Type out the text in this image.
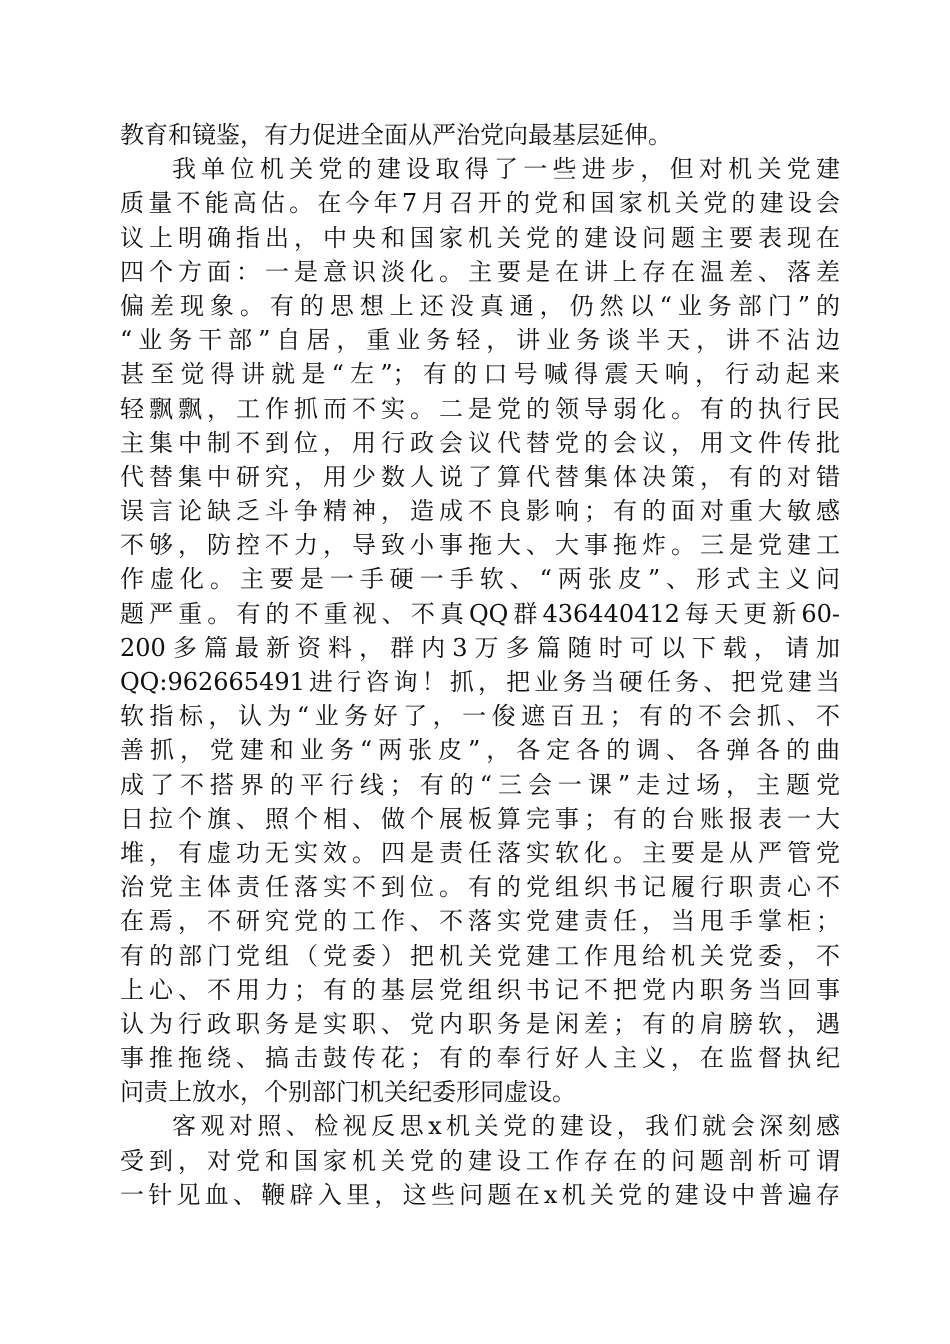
教育和镜鉴，有力促进全面从严治党向最基层延伸。
我单位机关党的建设取得了一些进步，但对机关党建
质量不能高估。在今年7月召开的党和国家机关党的建设会
议上明确指出，中央和国家机关党的建设问题主要表现在
四个方面：一是意识淡化。主要是在讲上存在温差、落差
偏差现象。有的思想上还没真通，仍然以“业务部门”的
“业务干部”自居，重业务轻，讲业务谈半天，讲不沾边
甚至觉得讲就是“左”；有的口号喊得震天响，行动起来
轻飘飘，工作抓而不实。二是党的领导弱化。有的执行民
主集中制不到位，用行政会议代替党的会议，用文件传批
代替集中研究，用少数人说了算代替集体决策，有的对错
误言论缺乏斗争精神，造成不良影响；有的面对重大敏感
不够，防控不力，导致小事拖大、大事拖炸。三是党建工
作虚化。主要是一手硬一手软、“两张皮”、形式主义问
题严重。有的不重视、不真QQ群436440412每天更新60-
200多篇最新资料，群内3万多篇随时可以下载，请加
QQ:962665491进行咨询！抓，把业务当硬任务、把党建当
软指标，认为“业务好了，一俊遮百丑；有的不会抓、不
善抓，党建和业务“两张皮”，各定各的调、各弹各的曲
成了不搭界的平行线；有的“三会一课”走过场，主题党
日拉个旗、照个相、做个展板算完事；有的台账报表一大
堆，有虚功无实效。四是责任落实软化。主要是从严管党
治党主体责任落实不到位。有的党组织书记履行职责心不
在焉，不研究党的工作、不落实党建责任，当甩手掌柜；
有的部门党组（党委）把机关党建工作甩给机关党委，不
上心、不用力；有的基层党组织书记不把党内职务当回事
认为行政职务是实职、党内职务是闲差；有的肩膀软，遇
事推拖绕、搞击鼓传花；有的奉行好人主义，在监督执纪
问责上放水，个别部门机关纪委形同虚设。
客观对照、检视反思x机关党的建设，我们就会深刻感
受到，对党和国家机关党的建设工作存在的问题剖析可谓
一针见血、鞭辟入里，这些问题在x机关党的建设中普遍存
